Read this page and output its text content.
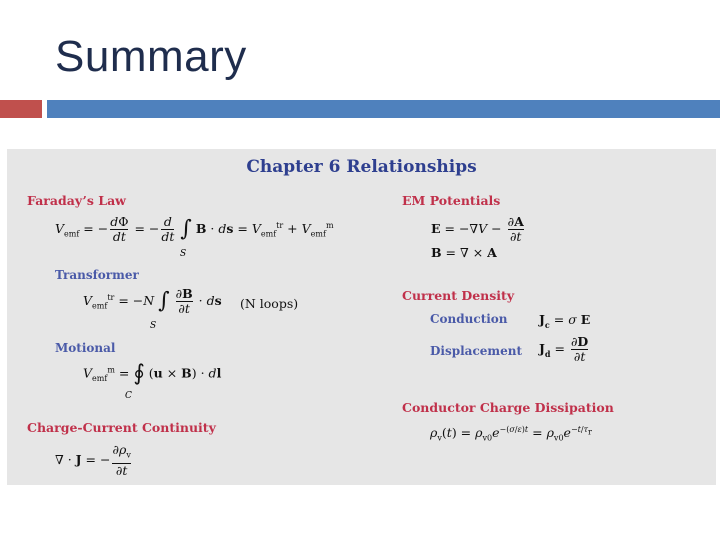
Summary
Chapter 6 Relationships
Faraday’s Law
$V_{emf}$ = − $\frac{d\Phi}{dt}$ = − $\frac{d}{dt}$ ∫ B · ds = $V_{emf}^{tr} + V_{emf}^m$
S
Transformer
$V_{emf}^{tr} = -N$ ∫ $\frac{\partial B}{\partial t}$ · ds
S
(N loops)
Motional
$V_{emf}^m$ = ∮ (u × B) · dl
C
Charge-Current Continuity
∇ · J = − $\frac{\partial\rho_v}{\partial t}$
EM Potentials
$E = -\nabla V - \frac{\partial A}{\partial t}$
B = ∇ × A
Current Density
Conduction	$J_c = \sigma$ E
Displacement $J_d = \frac{\partial D}{\partial t}$
Conductor Charge Dissipation
$\rho_v(t) = \rho_{v0}e^{-(\sigma/\varepsilon)t} = \rho_{v0}e^{-t/\tau_r}$
